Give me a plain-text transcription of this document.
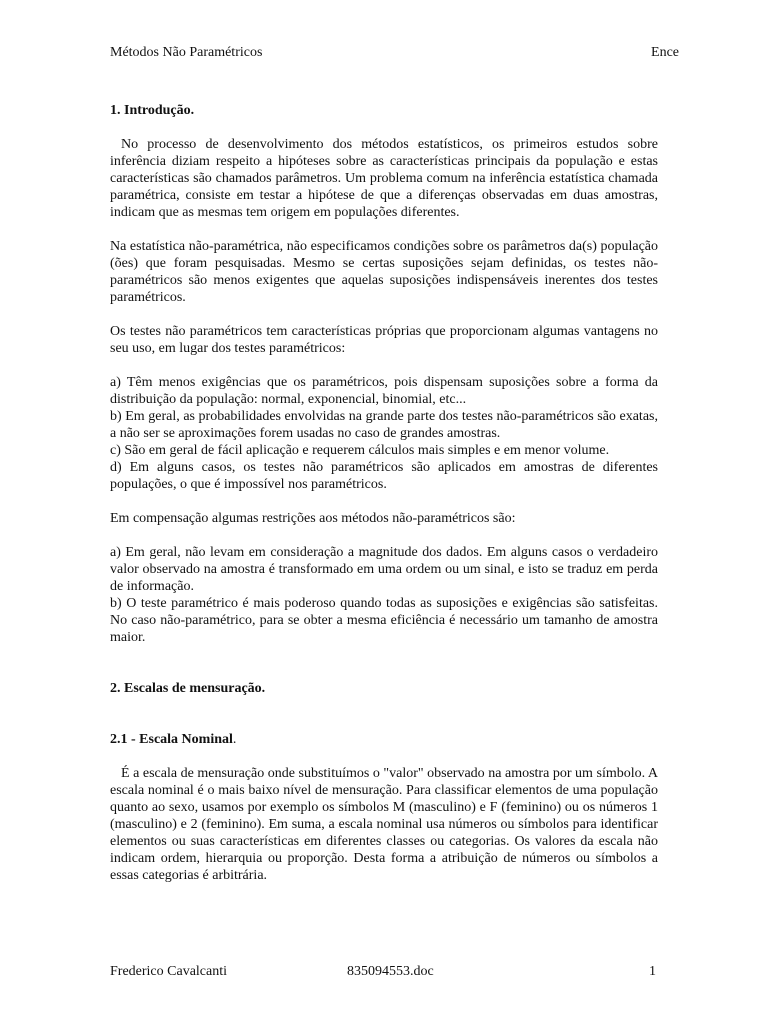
Métodos Não Paramétricos	Ence
1. Introdução.

No processo de desenvolvimento dos métodos estatísticos, os primeiros estudos sobre inferência diziam respeito a hipóteses sobre as características principais da população e estas características são chamados parâmetros. Um problema comum na inferência estatística chamada paramétrica, consiste em testar a hipótese de que a diferenças observadas em duas amostras, indicam que as mesmas tem origem em populações diferentes.

Na estatística não-paramétrica, não especificamos condições sobre os parâmetros da(s) população (ões) que foram pesquisadas. Mesmo se certas suposições sejam definidas, os testes não-paramétricos são menos exigentes que aquelas suposições indispensáveis inerentes dos testes paramétricos.

Os testes não paramétricos tem características próprias que proporcionam algumas vantagens no seu uso, em lugar dos testes paramétricos:

a) Têm menos exigências que os paramétricos, pois dispensam suposições sobre a forma da distribuição da população: normal, exponencial, binomial, etc...

b) Em geral, as probabilidades envolvidas na grande parte dos testes não-paramétricos são exatas, a não ser se aproximações forem usadas no caso de grandes amostras.

c) São em geral de fácil aplicação e requerem cálculos mais simples e em menor volume.

d) Em alguns casos, os testes não paramétricos são aplicados em amostras de diferentes populações, o que é impossível nos paramétricos.

Em compensação algumas restrições aos métodos não-paramétricos são:

a) Em geral, não levam em consideração a magnitude dos dados. Em alguns casos o verdadeiro valor observado na amostra é transformado em uma ordem ou um sinal, e isto se traduz em perda de informação.

b) O teste paramétrico é mais poderoso quando todas as suposições e exigências são satisfeitas. No caso não-paramétrico, para se obter a mesma eficiência é necessário um tamanho de amostra maior.

2. Escalas de mensuração.

2.1 - Escala Nominal.

É a escala de mensuração onde substituímos o "valor" observado na amostra por um símbolo. A escala nominal é o mais baixo nível de mensuração. Para classificar elementos de uma população quanto ao sexo, usamos por exemplo os símbolos M (masculino) e F (feminino) ou os números 1 (masculino) e 2 (feminino). Em suma, a escala nominal usa números ou símbolos para identificar elementos ou suas características em diferentes classes ou categorias. Os valores da escala não indicam ordem, hierarquia ou proporção. Desta forma a atribuição de números ou símbolos a essas categorias é arbitrária.

Frederico Cavalcanti	835094553.doc	1
